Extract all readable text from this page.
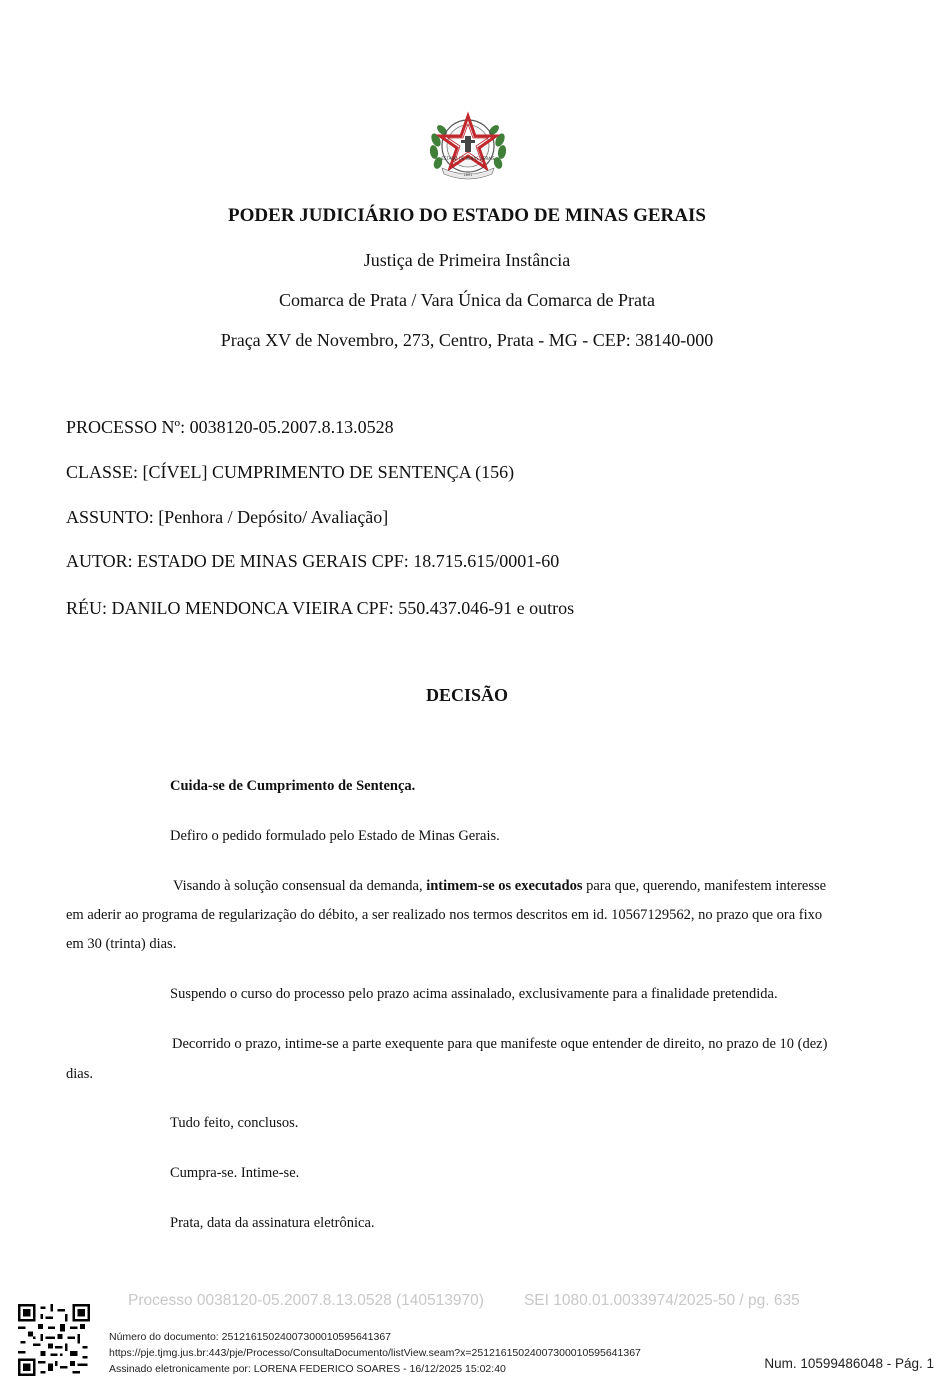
ESTADO DE MINAS GERAIS
1891
PODER JUDICIÁRIO DO ESTADO DE MINAS GERAIS
Justiça de Primeira Instância
Comarca de Prata / Vara Única da Comarca de Prata
Praça XV de Novembro, 273, Centro, Prata - MG - CEP: 38140-000
PROCESSO Nº: 0038120-05.2007.8.13.0528
CLASSE: [CÍVEL] CUMPRIMENTO DE SENTENÇA (156)
ASSUNTO: [Penhora / Depósito/ Avaliação]
AUTOR: ESTADO DE MINAS GERAIS CPF: 18.715.615/0001-60
RÉU: DANILO MENDONCA VIEIRA CPF: 550.437.046-91 e outros
DECISÃO
Cuida-se de Cumprimento de Sentença.
Defiro o pedido formulado pelo Estado de Minas Gerais.
Visando à solução consensual da demanda, intimem-se os executados para que, querendo, manifestem interesse
em aderir ao programa de regularização do débito, a ser realizado nos termos descritos em id. 10567129562, no prazo que ora fixo
em 30 (trinta) dias.
Suspendo o curso do processo pelo prazo acima assinalado, exclusivamente para a finalidade pretendida.
Decorrido o prazo, intime-se a parte exequente para que manifeste oque entender de direito, no prazo de 10 (dez)
dias.
Tudo feito, conclusos.
Cumpra-se. Intime-se.
Prata, data da assinatura eletrônica.
Processo 0038120-05.2007.8.13.0528 (140513970)	SEI 1080.01.0033974/2025-50 / pg. 635
Número do documento: 25121615024007300010595641367
https://pje.tjmg.jus.br:443/pje/Processo/ConsultaDocumento/listView.seam?x=25121615024007300010595641367
Assinado eletronicamente por: LORENA FEDERICO SOARES - 16/12/2025 15:02:40	Num. 10599486048 - Pág. 1
